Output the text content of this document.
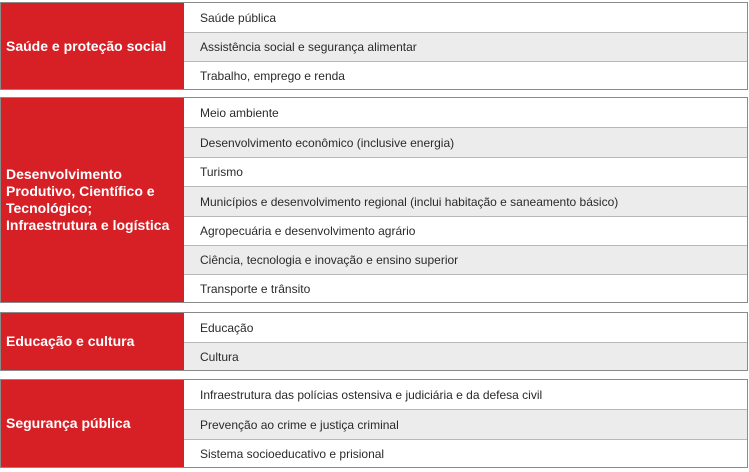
Saúde e proteção social
Saúde pública
Assistência social e segurança alimentar
Trabalho, emprego e renda
Desenvolvimento Produtivo, Científico e Tecnológico; Infraestrutura e logística
Meio ambiente
Desenvolvimento econômico (inclusive energia)
Turismo
Municípios e desenvolvimento regional (inclui habitação e saneamento básico)
Agropecuária e desenvolvimento agrário
Ciência, tecnologia e inovação e ensino superior
Transporte e trânsito
Educação e cultura
Educação
Cultura
Segurança pública
Infraestrutura das polícias ostensiva e judiciária e da defesa civil
Prevenção ao crime e justiça criminal
Sistema socioeducativo e prisional
